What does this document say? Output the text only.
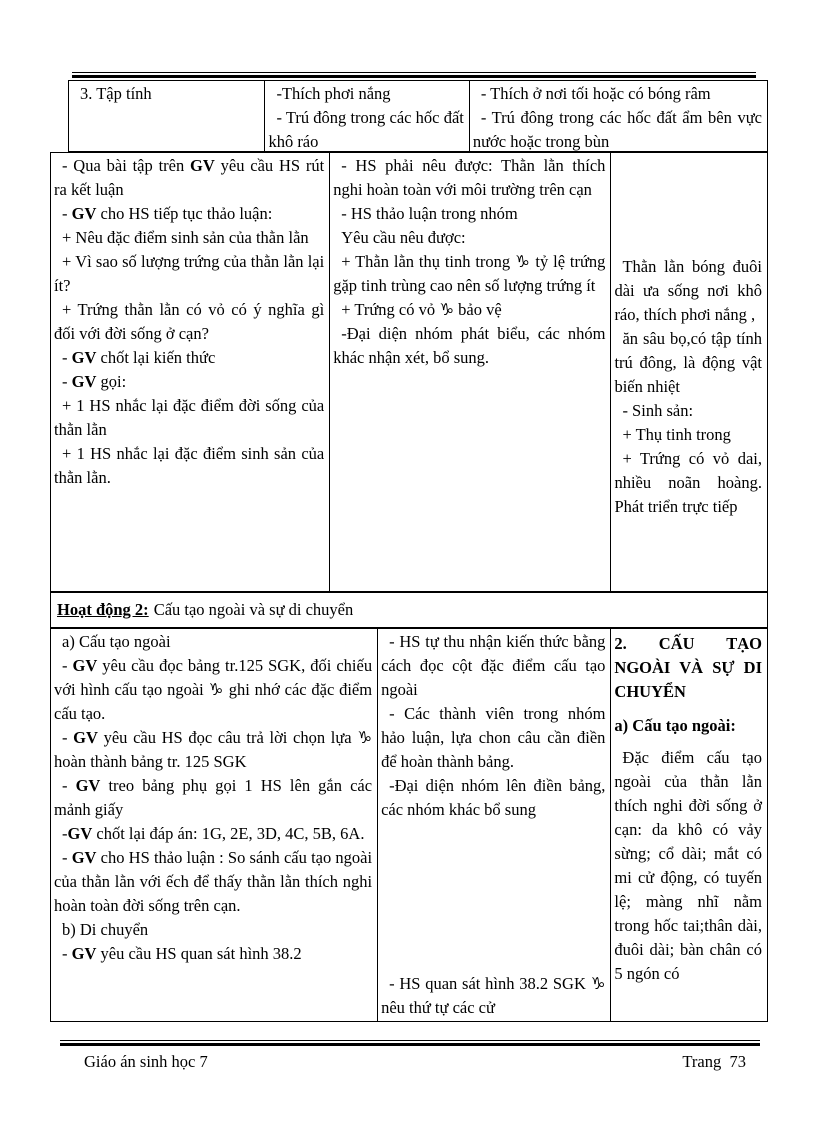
3. Tập tính	-Thích phơi nắng

- Trú đông trong các hốc đất khô ráo

- Thích ở nơi tối hoặc có bóng râm

- Trú đông trong các hốc đất ẩm bên vực nước hoặc trong bùn

- Qua bài tập trên GV yêu cầu HS rút ra kết luận

- GV cho HS tiếp tục thảo luận:

+ Nêu đặc điểm sinh sản của thằn lằn

+ Vì sao số lượng trứng của thằn lằn lại ít?

+ Trứng thằn lằn có vỏ có ý nghĩa gì đối với đời sống ở cạn?

- GV chốt lại kiến thức

- GV gọi:

+ 1 HS nhắc lại đặc điểm đời sống của thằn lằn

+ 1 HS nhắc lại đặc điểm sinh sản của thằn lằn.

- HS phải nêu được: Thằn lằn thích nghi hoàn toàn với môi trường trên cạn

- HS thảo luận trong nhóm

Yêu cầu nêu được:

+ Thằn lằn thụ tinh trong ♑ tỷ lệ trứng gặp tinh trùng cao nên số lượng trứng ít

+ Trứng có vỏ ♑ bảo vệ

-Đại diện nhóm phát biểu, các nhóm khác nhận xét, bổ sung.

Thằn lằn bóng đuôi dài ưa sống nơi khô ráo, thích phơi nắng ,

ăn sâu bọ,có tập tính trú đông, là động vật biến nhiệt

- Sinh sản:

+ Thụ tinh trong

+ Trứng có vỏ dai, nhiều noãn hoàng. Phát triển trực tiếp

Hoạt động 2: Cấu tạo ngoài và sự di chuyển

a) Cấu tạo ngoài

- GV yêu cầu đọc bảng tr.125 SGK, đối chiếu với hình cấu tạo ngoài ♑ ghi nhớ các đặc điểm cấu tạo.

- GV yêu cầu HS đọc câu trả lời chọn lựa ♑ hoàn thành bảng tr. 125 SGK

- GV treo bảng phụ gọi 1 HS lên gắn các mảnh giấy

-GV chốt lại đáp án: 1G, 2E, 3D, 4C, 5B, 6A.

- GV cho HS thảo luận : So sánh cấu tạo ngoài của thằn lằn với ếch để thấy thằn lằn thích nghi hoàn toàn đời sống trên cạn.

b) Di chuyển

- GV yêu cầu HS quan sát hình 38.2

- HS tự thu nhận kiến thức bằng cách đọc cột đặc điểm cấu tạo ngoài

- Các thành viên trong nhóm hảo luận, lựa chon câu cần điền để hoàn thành bảng.

-Đại diện nhóm lên điền bảng, các nhóm khác bổ sung

- HS quan sát hình 38.2 SGK ♑ nêu thứ tự các cử

2. CẤU TẠO NGOÀI VÀ SỰ DI CHUYỂN

a) Cấu tạo ngoài:

Đặc điểm cấu tạo ngoài của thằn lằn thích nghi đời sống ở cạn: da khô có vảy sừng; cổ dài; mắt có mi cử động, có tuyến lệ; màng nhĩ nằm trong hốc tai;thân dài, đuôi dài; bàn chân có 5 ngón có

Giáo án sinh học 7	Trang  73
